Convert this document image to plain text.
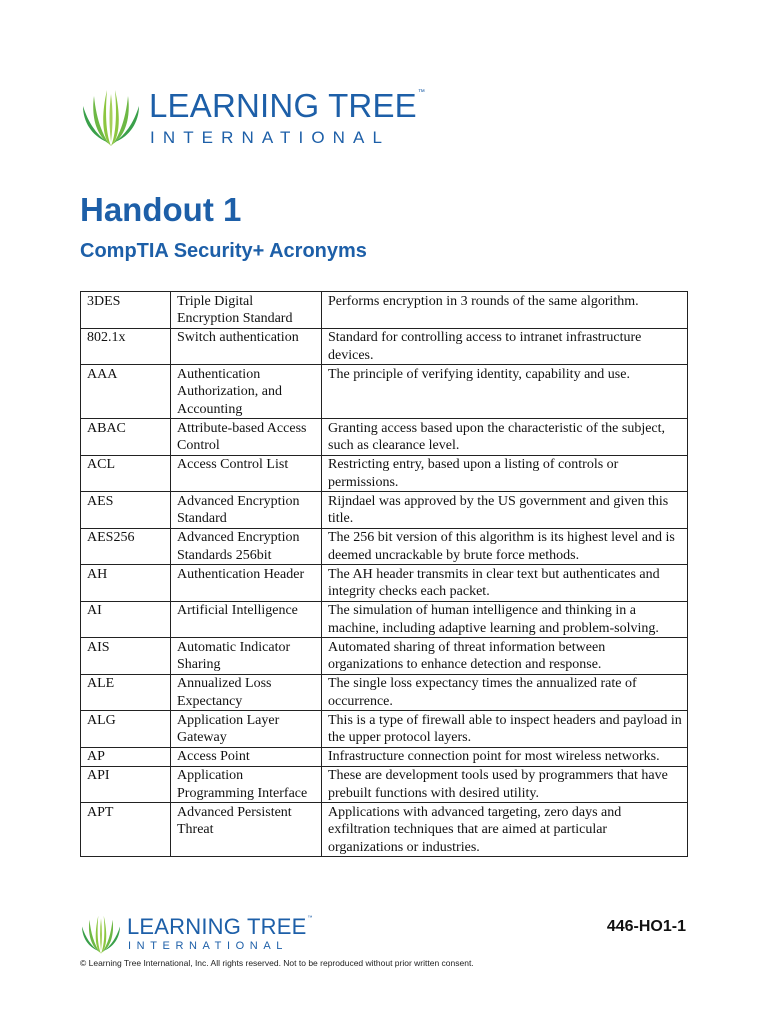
LEARNING TREE™
INTERNATIONAL
Handout 1
CompTIA Security+ Acronyms
3DES	Triple Digital Encryption Standard	Performs encryption in 3 rounds of the same algorithm.
802.1x	Switch authentication	Standard for controlling access to intranet infrastructure devices.
AAA	Authentication Authorization, and Accounting	The principle of verifying identity, capability and use.
ABAC	Attribute-based Access Control	Granting access based upon the characteristic of the subject, such as clearance level.
ACL	Access Control List	Restricting entry, based upon a listing of controls or permissions.
AES	Advanced Encryption Standard	Rijndael was approved by the US government and given this title.
AES256	Advanced Encryption Standards 256bit	The 256 bit version of this algorithm is its highest level and is deemed uncrackable by brute force methods.
AH	Authentication Header	The AH header transmits in clear text but authenticates and integrity checks each packet.
AI	Artificial Intelligence	The simulation of human intelligence and thinking in a machine, including adaptive learning and problem-solving.
AIS	Automatic Indicator Sharing	Automated sharing of threat information between organizations to enhance detection and response.
ALE	Annualized Loss Expectancy	The single loss expectancy times the annualized rate of occurrence.
ALG	Application Layer Gateway	This is a type of firewall able to inspect headers and payload in the upper protocol layers.
AP	Access Point	Infrastructure connection point for most wireless networks.
API	Application Programming Interface	These are development tools used by programmers that have prebuilt functions with desired utility.
APT	Advanced Persistent Threat	Applications with advanced targeting, zero days and exfiltration techniques that are aimed at particular organizations or industries.
LEARNING TREE™
INTERNATIONAL
446-HO1-1
© Learning Tree International, Inc. All rights reserved. Not to be reproduced without prior written consent.
